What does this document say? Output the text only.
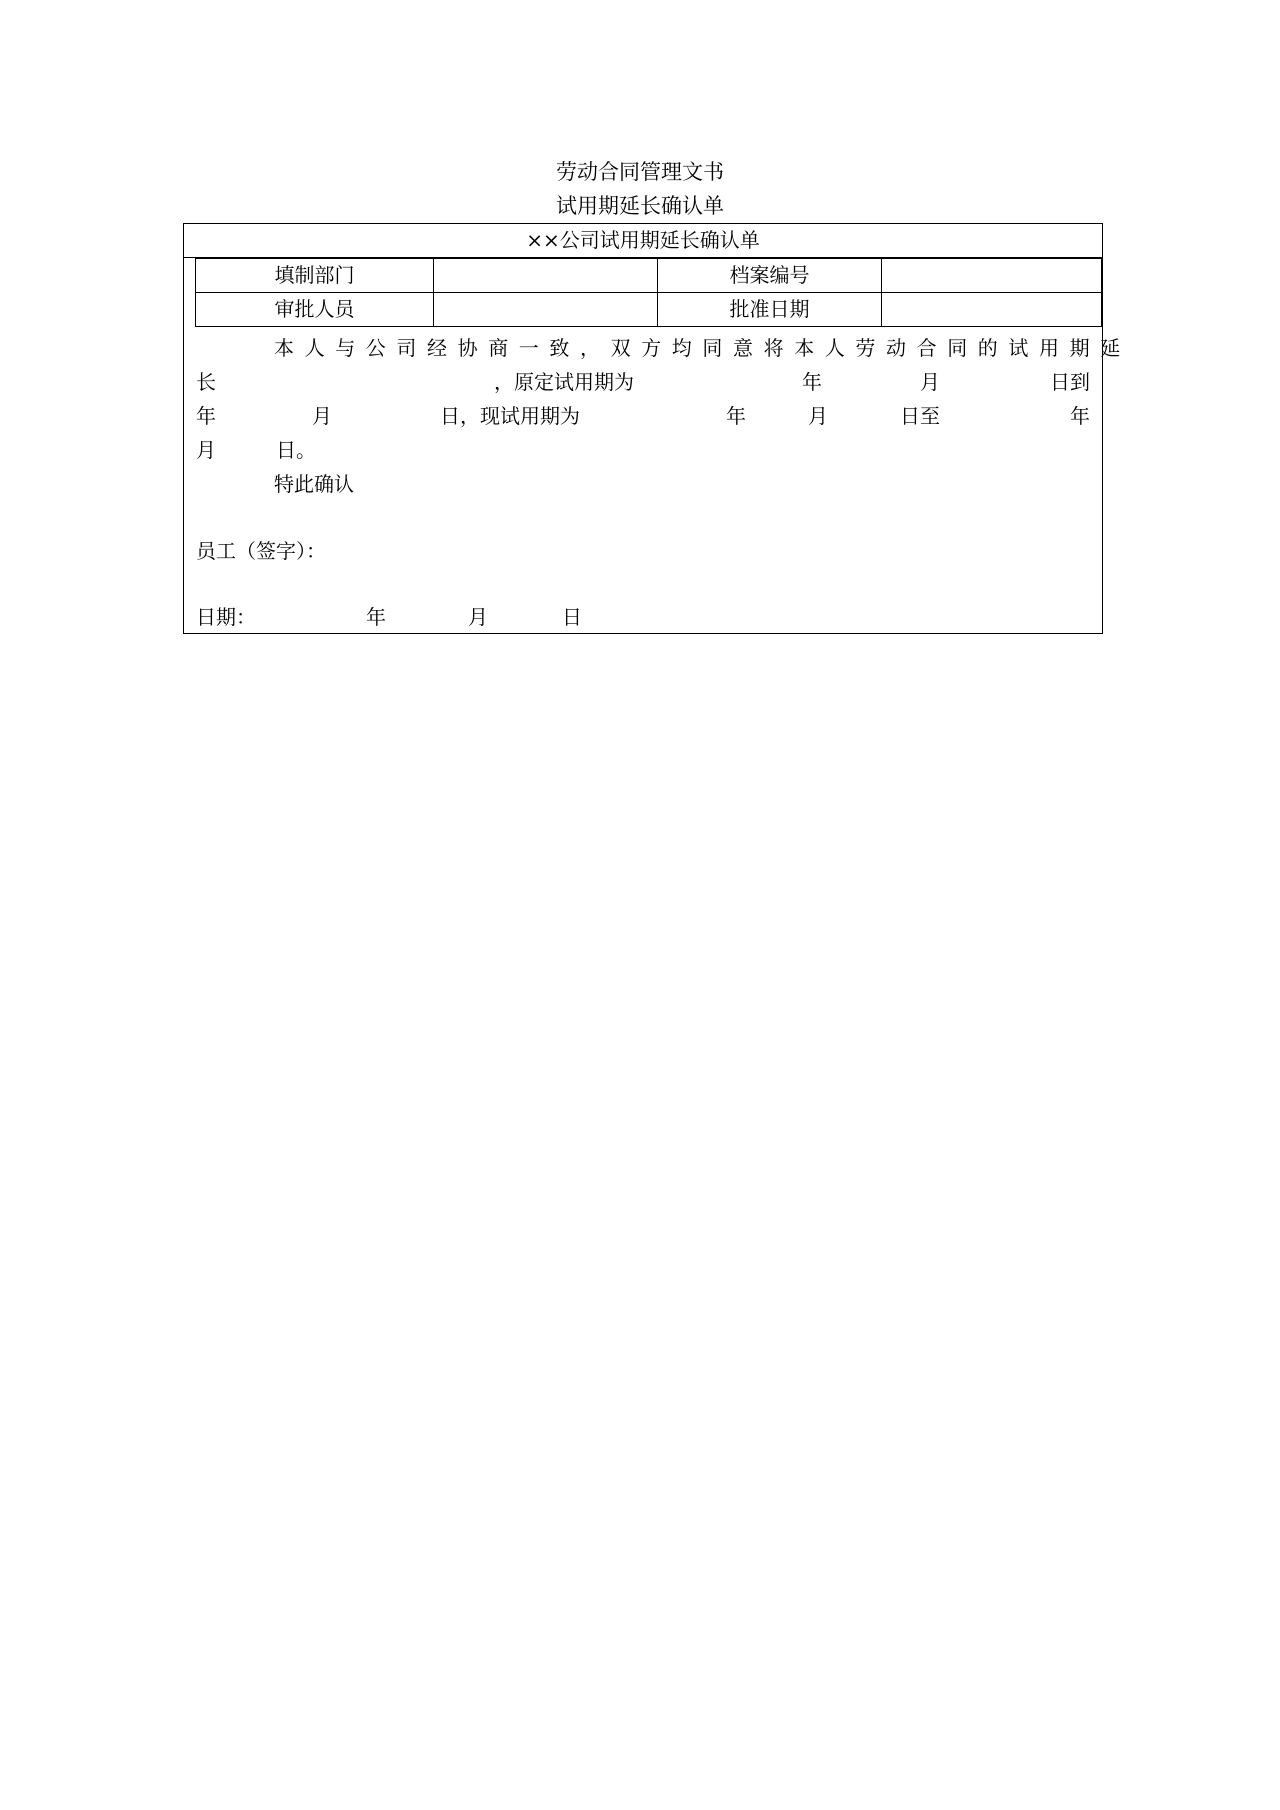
劳动合同管理文书
试用期延长确认单
××公司试用期延长确认单
填制部门		档案编号	
审批人员		批准日期	
本人与公司经协商一致，双方均同意将本人劳动合同的试用期延
长	，原定试用期为	年	月	日到
年	月	日，现试用期为	年	月	日至	年
月	日。
特此确认
员工（签字）：
日期：	年	月	日
